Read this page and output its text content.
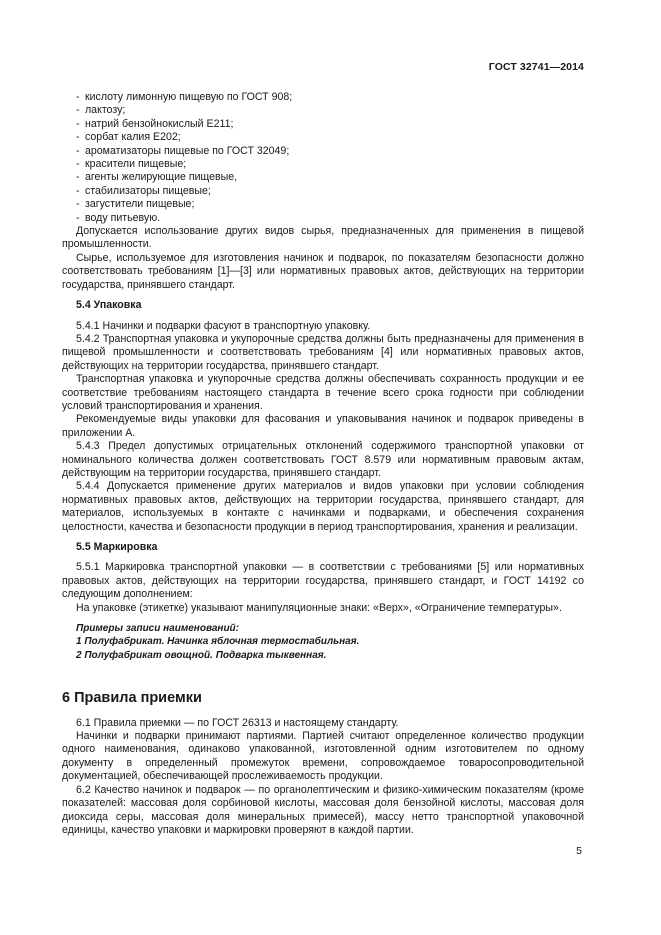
ГОСТ 32741—2014
- кислоту лимонную пищевую по ГОСТ 908;
- лактозу;
- натрий бензойнокислый Е211;
- сорбат калия Е202;
- ароматизаторы пищевые по ГОСТ 32049;
- красители пищевые;
- агенты желирующие пищевые,
- стабилизаторы пищевые;
- загустители пищевые;
- воду питьевую.

Допускается использование других видов сырья, предназначенных для применения в пищевой промышленности.

Сырье, используемое для изготовления начинок и подварок, по показателям безопасности должно соответствовать требованиям [1]—[3] или нормативных правовых актов, действующих на территории государства, принявшего стандарт.

5.4 Упаковка

5.4.1 Начинки и подварки фасуют в транспортную упаковку.

5.4.2 Транспортная упаковка и укупорочные средства должны быть предназначены для применения в пищевой промышленности и соответствовать требованиям [4] или нормативных правовых актов, действующих на территории государства, принявшего стандарт.

Транспортная упаковка и укупорочные средства должны обеспечивать сохранность продукции и ее соответствие требованиям настоящего стандарта в течение всего срока годности при соблюдении условий транспортирования и хранения.

Рекомендуемые виды упаковки для фасования и упаковывания начинок и подварок приведены в приложении А.

5.4.3 Предел допустимых отрицательных отклонений содержимого транспортной упаковки от номинального количества должен соответствовать ГОСТ 8.579 или нормативным правовым актам, действующим на территории государства, принявшего стандарт.

5.4.4 Допускается применение других материалов и видов упаковки при условии соблюдения нормативных правовых актов, действующих на территории государства, принявшего стандарт, для материалов, используемых в контакте с начинками и подварками, и обеспечения сохранения целостности, качества и безопасности продукции в период транспортирования, хранения и реализации.

5.5 Маркировка

5.5.1 Маркировка транспортной упаковки — в соответствии с требованиями [5] или нормативных правовых актов, действующих на территории государства, принявшего стандарт, и ГОСТ 14192 со следующим дополнением:

На упаковке (этикетке) указывают манипуляционные знаки: «Верх», «Ограничение температуры».

Примеры записи наименований:
1 Полуфабрикат. Начинка яблочная термостабильная.
2 Полуфабрикат овощной. Подварка тыквенная.
6 Правила приемки

6.1 Правила приемки — по ГОСТ 26313 и настоящему стандарту.

Начинки и подварки принимают партиями. Партией считают определенное количество продукции одного наименования, одинаково упакованной, изготовленной одним изготовителем по одному документу в определенный промежуток времени, сопровождаемое товаросопроводительной документацией, обеспечивающей прослеживаемость продукции.

6.2 Качество начинок и подварок — по органолептическим и физико-химическим показателям (кроме показателей: массовая доля сорбиновой кислоты, массовая доля бензойной кислоты, массовая доля диоксида серы, массовая доля минеральных примесей), массу нетто транспортной упаковочной единицы, качество упаковки и маркировки проверяют в каждой партии.

5
